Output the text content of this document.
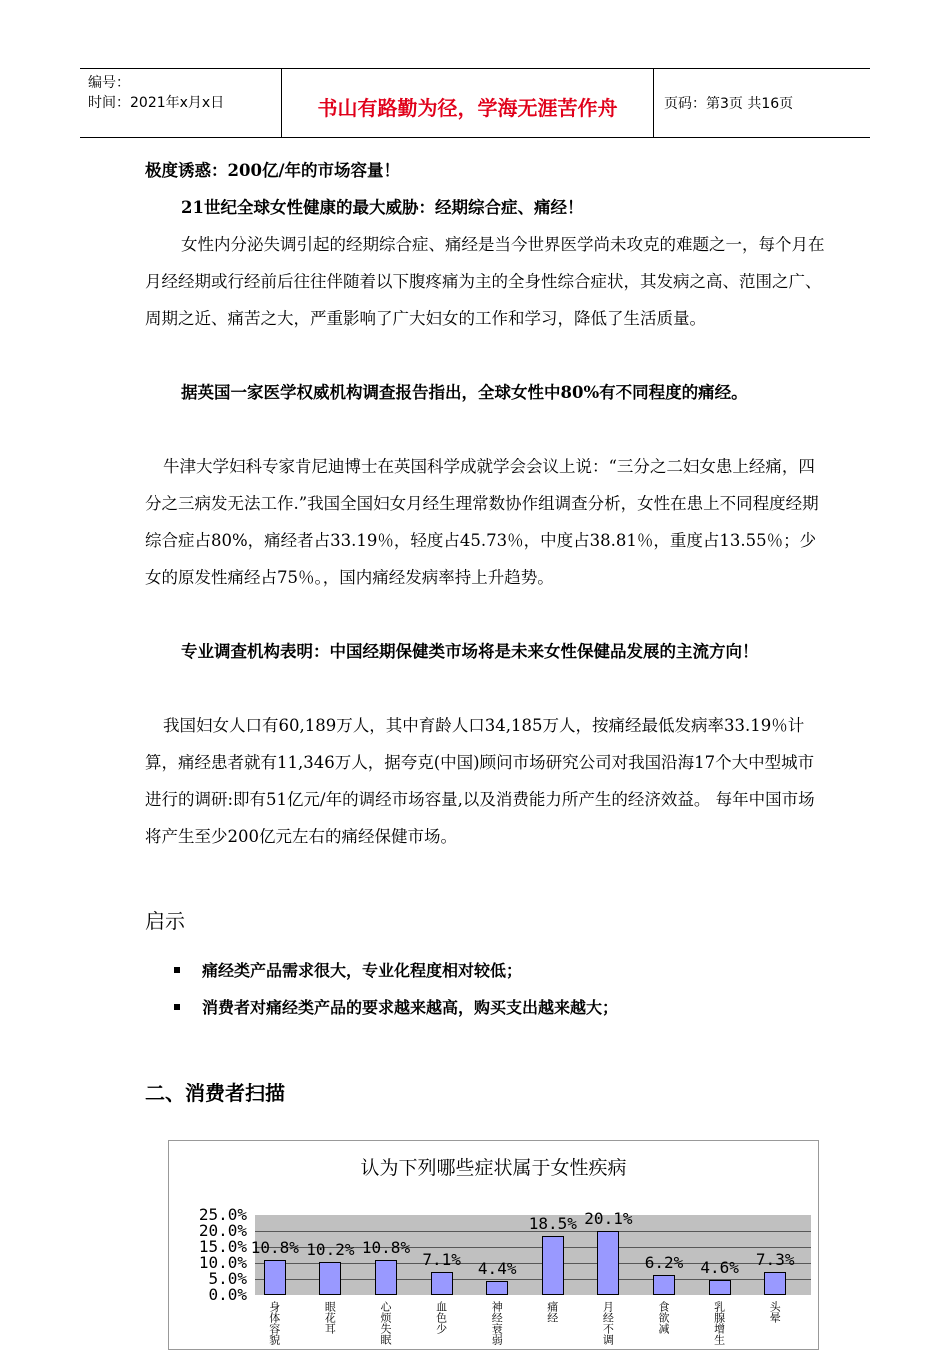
编号：
时间：2021年x月x日	书山有路勤为径，学海无涯苦作舟	页码：第3页 共16页
极度诱惑：200亿/年的市场容量！
21世纪全球女性健康的最大威胁：经期综合症、痛经！
女性内分泌失调引起的经期综合症、痛经是当今世界医学尚未攻克的难题之一，每个月在月经经期或行经前后往往伴随着以下腹疼痛为主的全身性综合症状，其发病之高、范围之广、周期之近、痛苦之大，严重影响了广大妇女的工作和学习，降低了生活质量。
据英国一家医学权威机构调查报告指出，全球女性中80%有不同程度的痛经。
牛津大学妇科专家肯尼迪博士在英国科学成就学会会议上说：“三分之二妇女患上经痛，四分之三病发无法工作.”我国全国妇女月经生理常数协作组调查分析，女性在患上不同程度经期综合症占80%，痛经者占33.19％，轻度占45.73％，中度占38.81％，重度占13.55％；少女的原发性痛经占75％。，国内痛经发病率持上升趋势。
专业调查机构表明：中国经期保健类市场将是未来女性保健品发展的主流方向！
我国妇女人口有60,189万人，其中育龄人口34,185万人，按痛经最低发病率33.19％计算，痛经患者就有11,346万人，据夸克(中国)顾问市场研究公司对我国沿海17个大中型城市进行的调研:即有51亿元/年的调经市场容量,以及消费能力所产生的经济效益。 每年中国市场将产生至少200亿元左右的痛经保健市场。
启示
痛经类产品需求很大，专业化程度相对较低；
消费者对痛经类产品的要求越来越高，购买支出越来越大；
二、消费者扫描
认为下列哪些症状属于女性疾病
25.0%
20.0%
15.0%
10.0%
5.0%
0.0%
10.8%
身体容貌
10.2%
眼花耳
10.8%
心烦失眠
7.1%
血色少
4.4%
神经衰弱
18.5%
痛经
20.1%
月经不调
6.2%
食欲减
4.6%
乳腺增生
7.3%
头晕
